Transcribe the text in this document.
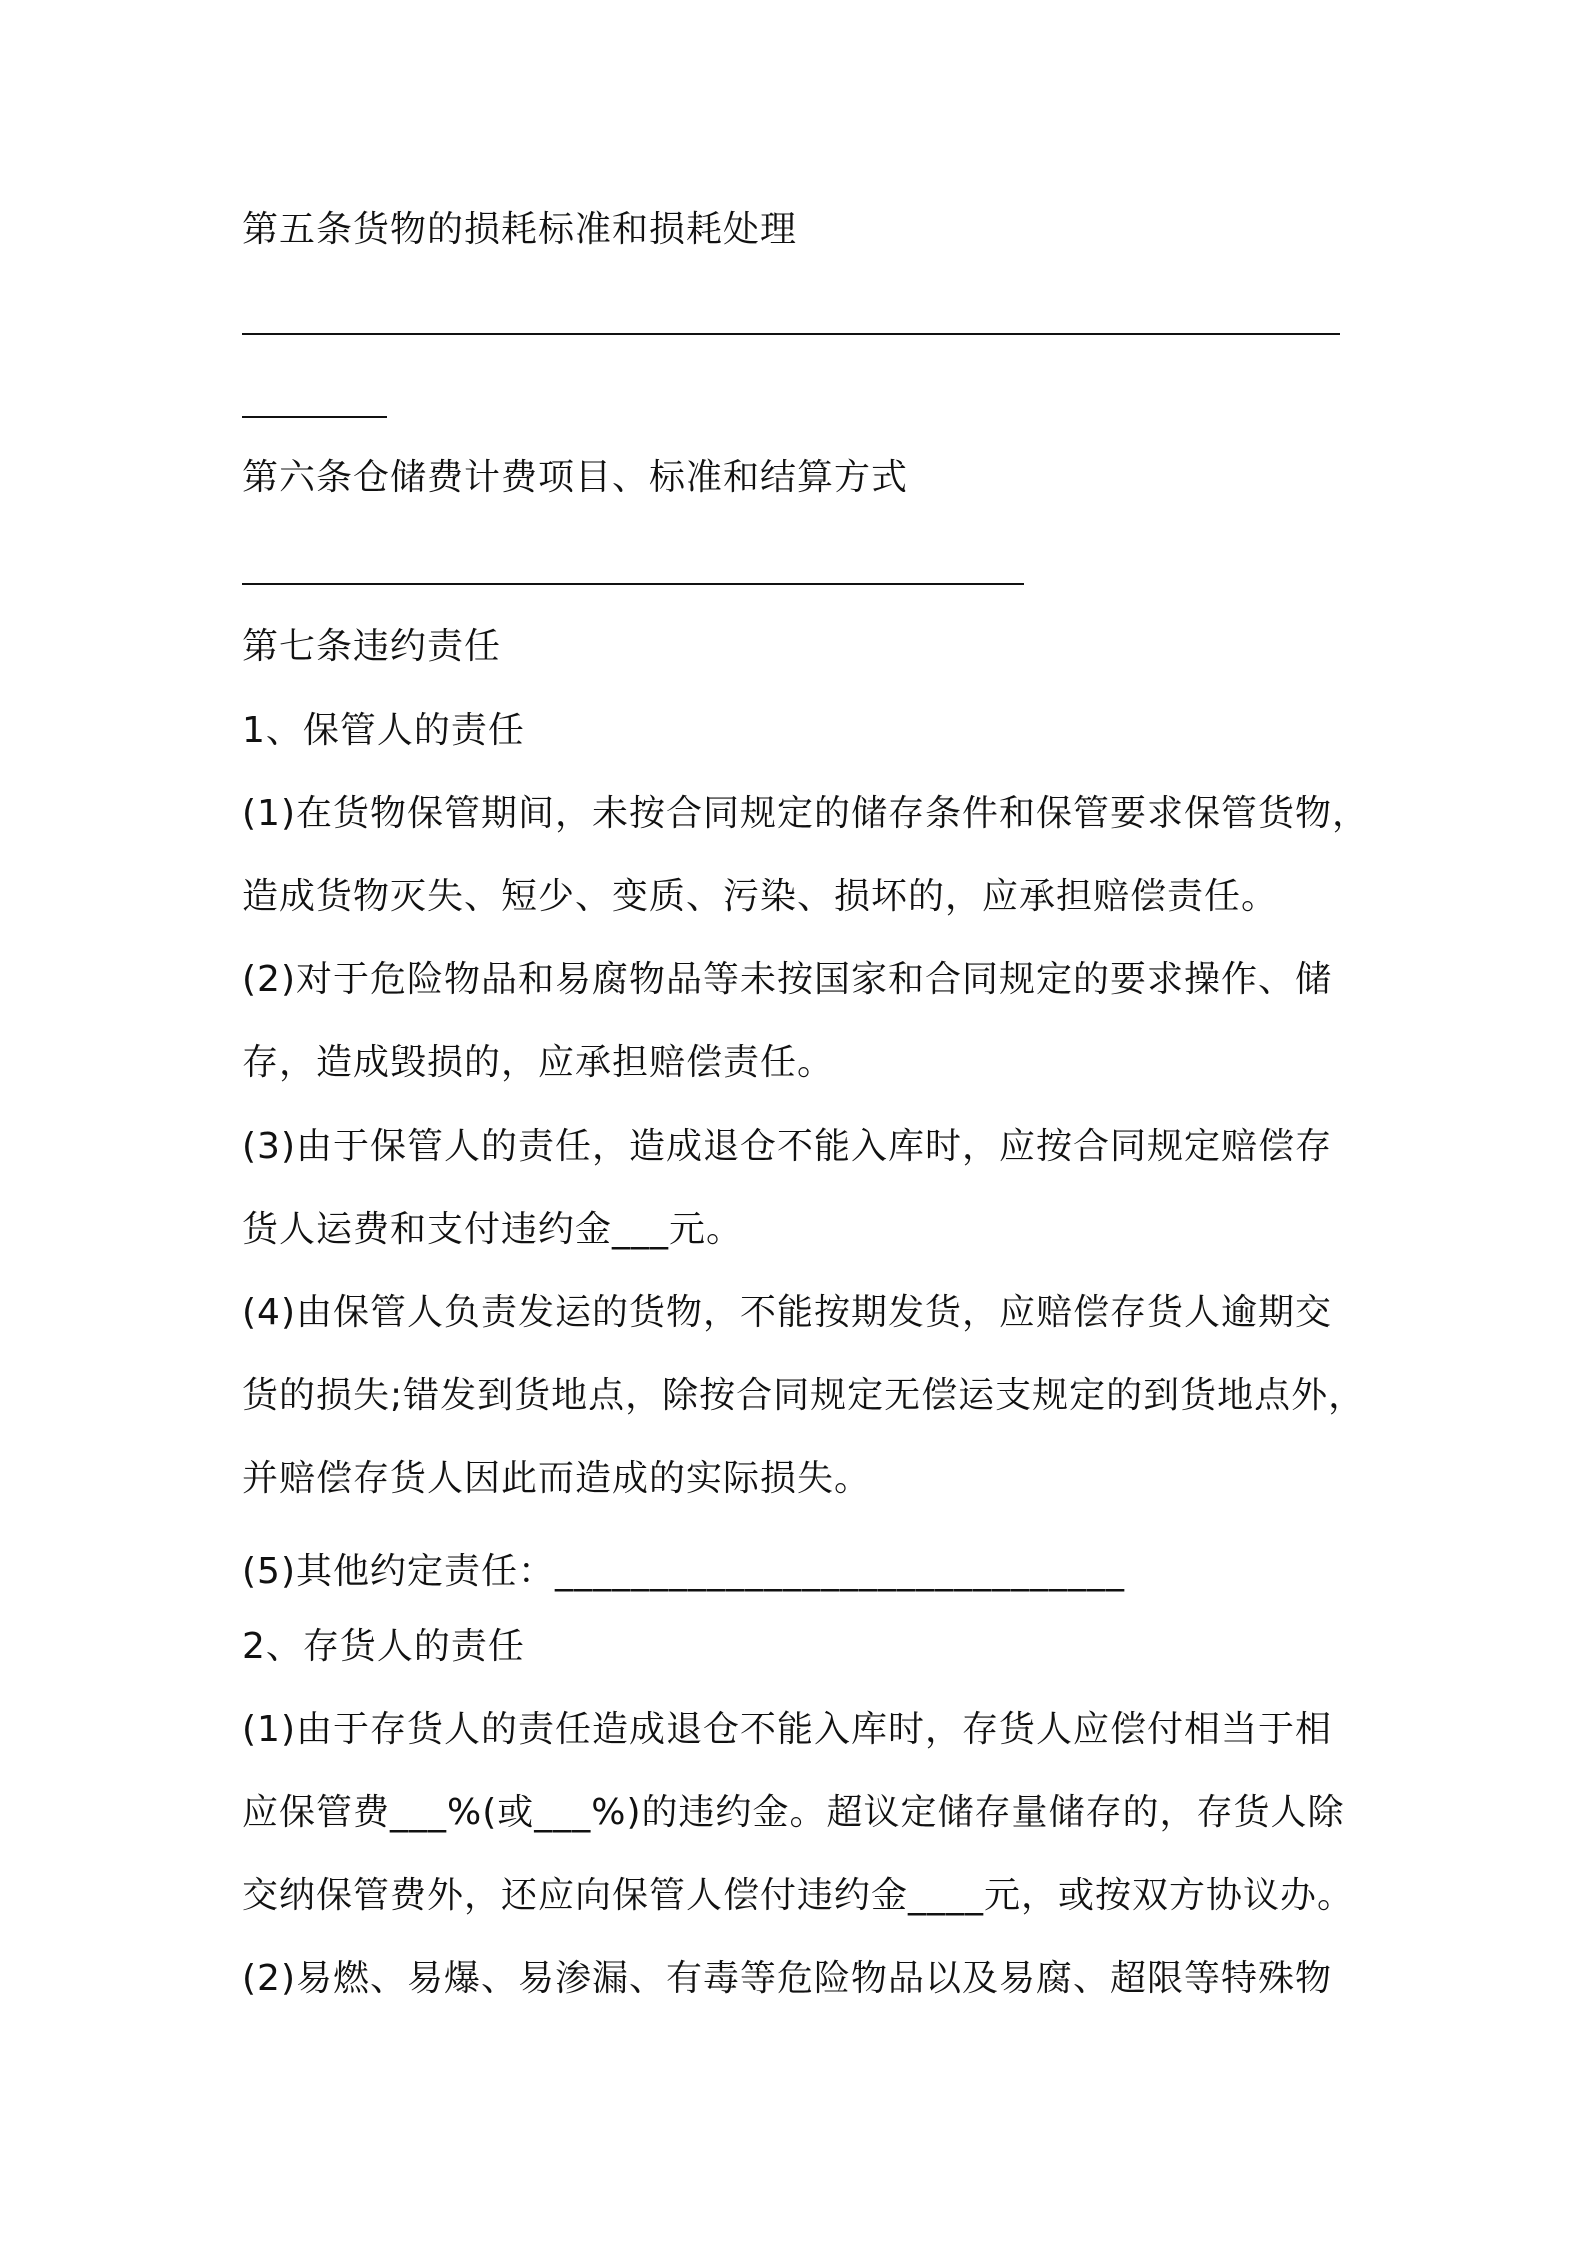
第五条货物的损耗标准和损耗处理
第六条仓储费计费项目、标准和结算方式
第七条违约责任
1、保管人的责任
(1)在货物保管期间，未按合同规定的储存条件和保管要求保管货物，
造成货物灭失、短少、变质、污染、损坏的，应承担赔偿责任。
(2)对于危险物品和易腐物品等未按国家和合同规定的要求操作、储
存，造成毁损的，应承担赔偿责任。
(3)由于保管人的责任，造成退仓不能入库时，应按合同规定赔偿存
货人运费和支付违约金___元。
(4)由保管人负责发运的货物，不能按期发货，应赔偿存货人逾期交
货的损失;错发到货地点，除按合同规定无偿运支规定的到货地点外，
并赔偿存货人因此而造成的实际损失。
(5)其他约定责任：______________________________
2、存货人的责任
(1)由于存货人的责任造成退仓不能入库时，存货人应偿付相当于相
应保管费___%(或___%)的违约金。超议定储存量储存的，存货人除
交纳保管费外，还应向保管人偿付违约金____元，或按双方协议办。
(2)易燃、易爆、易渗漏、有毒等危险物品以及易腐、超限等特殊物
